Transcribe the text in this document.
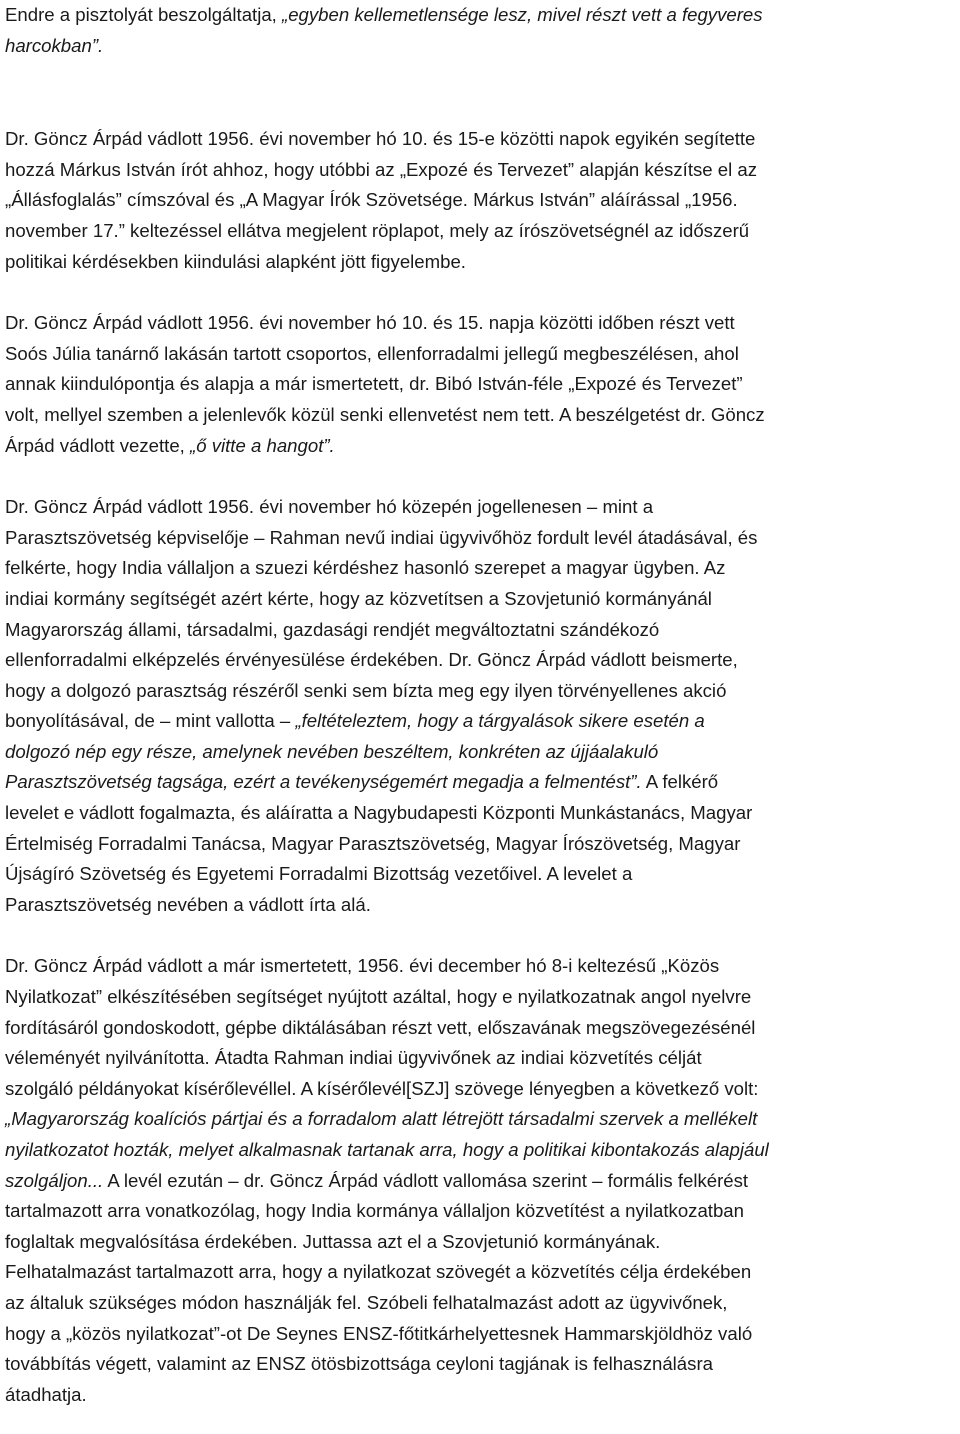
Endre a pisztolyát beszolgáltatja, „egyben kellemetlensége lesz, mivel részt vett a fegyveres
harcokban”.

Dr. Göncz Árpád vádlott 1956. évi november hó 10. és 15-e közötti napok egyikén segítette
hozzá Márkus István írót ahhoz, hogy utóbbi az „Expozé és Tervezet” alapján készítse el az
„Állásfoglalás” címszóval és „A Magyar Írók Szövetsége. Márkus István” aláírással „1956.
november 17.” keltezéssel ellátva megjelent röplapot, mely az írószövetségnél az időszerű
politikai kérdésekben kiindulási alapként jött figyelembe.

Dr. Göncz Árpád vádlott 1956. évi november hó 10. és 15. napja közötti időben részt vett
Soós Júlia tanárnő lakásán tartott csoportos, ellenforradalmi jellegű megbeszélésen, ahol
annak kiindulópontja és alapja a már ismertetett, dr. Bibó István-féle „Expozé és Tervezet”
volt, mellyel szemben a jelenlevők közül senki ellenvetést nem tett. A beszélgetést dr. Göncz
Árpád vádlott vezette, „ő vitte a hangot”.

Dr. Göncz Árpád vádlott 1956. évi november hó közepén jogellenesen – mint a
Parasztszövetség képviselője – Rahman nevű indiai ügyvivőhöz fordult levél átadásával, és
felkérte, hogy India vállaljon a szuezi kérdéshez hasonló szerepet a magyar ügyben. Az
indiai kormány segítségét azért kérte, hogy az közvetítsen a Szovjetunió kormányánál
Magyarország állami, társadalmi, gazdasági rendjét megváltoztatni szándékozó
ellenforradalmi elképzelés érvényesülése érdekében. Dr. Göncz Árpád vádlott beismerte,
hogy a dolgozó parasztság részéről senki sem bízta meg egy ilyen törvényellenes akció
bonyolításával, de – mint vallotta – „feltételeztem, hogy a tárgyalások sikere esetén a
dolgozó nép egy része, amelynek nevében beszéltem, konkréten az újjáalakuló
Parasztszövetség tagsága, ezért a tevékenységemért megadja a felmentést”. A felkérő
levelet e vádlott fogalmazta, és aláíratta a Nagybudapesti Központi Munkástanács, Magyar
Értelmiség Forradalmi Tanácsa, Magyar Parasztszövetség, Magyar Írószövetség, Magyar
Újságíró Szövetség és Egyetemi Forradalmi Bizottság vezetőivel. A levelet a
Parasztszövetség nevében a vádlott írta alá.

Dr. Göncz Árpád vádlott a már ismertetett, 1956. évi december hó 8-i keltezésű „Közös
Nyilatkozat” elkészítésében segítséget nyújtott azáltal, hogy e nyilatkozatnak angol nyelvre
fordításáról gondoskodott, gépbe diktálásában részt vett, előszavának megszövegezésénél
véleményét nyilvánította. Átadta Rahman indiai ügyvivőnek az indiai közvetítés célját
szolgáló példányokat kísérőlevéllel. A kísérőlevél[SZJ] szövege lényegben a következő volt:
„Magyarország koalíciós pártjai és a forradalom alatt létrejött társadalmi szervek a mellékelt
nyilatkozatot hozták, melyet alkalmasnak tartanak arra, hogy a politikai kibontakozás alapjául
szolgáljon... A levél ezután – dr. Göncz Árpád vádlott vallomása szerint – formális felkérést
tartalmazott arra vonatkozólag, hogy India kormánya vállaljon közvetítést a nyilatkozatban
foglaltak megvalósítása érdekében. Juttassa azt el a Szovjetunió kormányának.
Felhatalmazást tartalmazott arra, hogy a nyilatkozat szövegét a közvetítés célja érdekében
az általuk szükséges módon használják fel. Szóbeli felhatalmazást adott az ügyvivőnek,
hogy a „közös nyilatkozat”-ot De Seynes ENSZ-főtitkárhelyettesnek Hammarskjöldhöz való
továbbítás végett, valamint az ENSZ ötösbizottsága ceyloni tagjának is felhasználásra
átadhatja.
